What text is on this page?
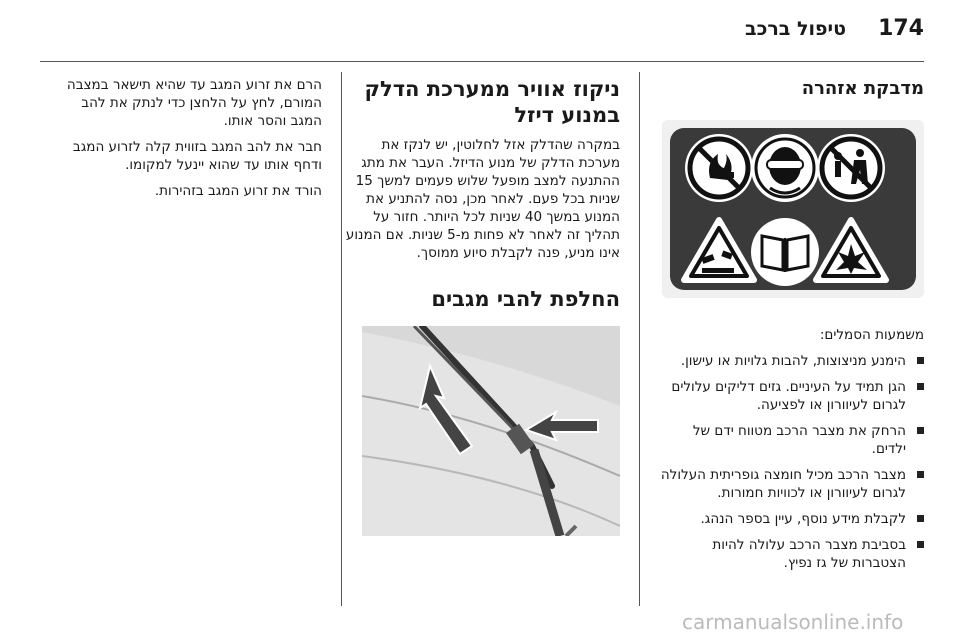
174
טיפול ברכב
מדבקת אזהרה

משמעות הסמלים:

הימנע מניצוצות, להבות גלויות או עישון.
הגן תמיד על העיניים. גזים דליקים עלולים לגרום לעיוורון או לפציעה.
הרחק את מצבר הרכב מטווח ידם של ילדים.
מצבר הרכב מכיל חומצה גופריתית העלולה לגרום לעיוורון או לכוויות חמורות.
לקבלת מידע נוסף, עיין בספר הנהג.
בסביבת מצבר הרכב עלולה להיות הצטברות של גז נפיץ.
ניקוז אוויר ממערכת הדלק במנוע דיזל

במקרה שהדלק אזל לחלוטין, יש לנקז את מערכת הדלק של מנוע הדיזל. העבר את מתג ההתנעה למצב מופעל שלוש פעמים למשך 15 שניות בכל פעם. לאחר מכן, נסה להתניע את המנוע במשך 40 שניות לכל היותר. חזור על תהליך זה לאחר לא פחות מ-5 שניות. אם המנוע אינו מניע, פנה לקבלת סיוע ממוסך.

החלפת להבי מגבים

הרם את זרוע המגב עד שהיא תישאר במצבה המורם, לחץ על הלחצן כדי לנתק את להב המגב והסר אותו.

חבר את להב המגב בזווית קלה לזרוע המגב ודחף אותו עד שהוא יינעל למקומו.

הורד את זרוע המגב בזהירות.

carmanualsonline.info
